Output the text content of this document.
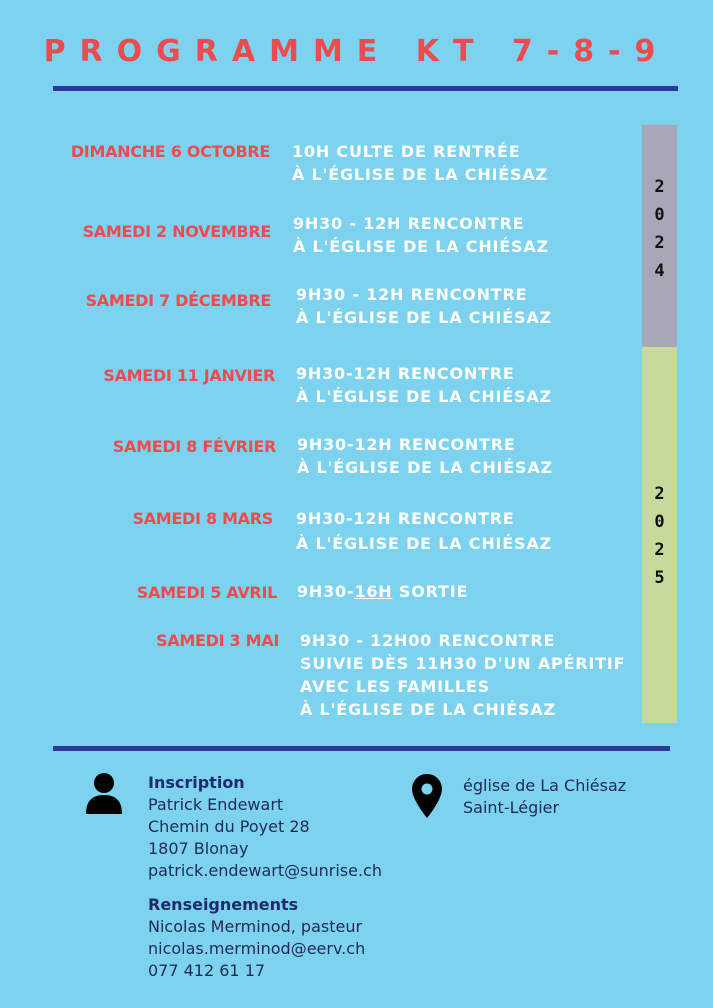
PROGRAMME KT 7-8-9
2
0
2
4
2
0
2
5
DIMANCHE 6 OCTOBRE 10H CULTE DE RENTRÉE
À L'ÉGLISE DE LA CHIÉSAZ
SAMEDI 2 NOVEMBRE 9H30 - 12H RENCONTRE
À L'ÉGLISE DE LA CHIÉSAZ
SAMEDI 7 DÉCEMBRE 9H30 - 12H RENCONTRE
À L'ÉGLISE DE LA CHIÉSAZ
SAMEDI 11 JANVIER 9H30-12H RENCONTRE
À L'ÉGLISE DE LA CHIÉSAZ
SAMEDI 8 FÉVRIER 9H30-12H RENCONTRE
À L'ÉGLISE DE LA CHIÉSAZ
SAMEDI 8 MARS 9H30-12H RENCONTRE
À L'ÉGLISE DE LA CHIÉSAZ
SAMEDI 5 AVRIL 9H30-16H SORTIE
SAMEDI 3 MAI 9H30 - 12H00 RENCONTRE
SUIVIE DÈS 11H30 D'UN APÉRITIF
AVEC LES FAMILLES
À L'ÉGLISE DE LA CHIÉSAZ
Inscription
Patrick Endewart
Chemin du Poyet 28
1807 Blonay
patrick.endewart@sunrise.ch
Renseignements
Nicolas Merminod, pasteur
nicolas.merminod@eerv.ch
077 412 61 17
église de La Chiésaz
Saint-Légier
